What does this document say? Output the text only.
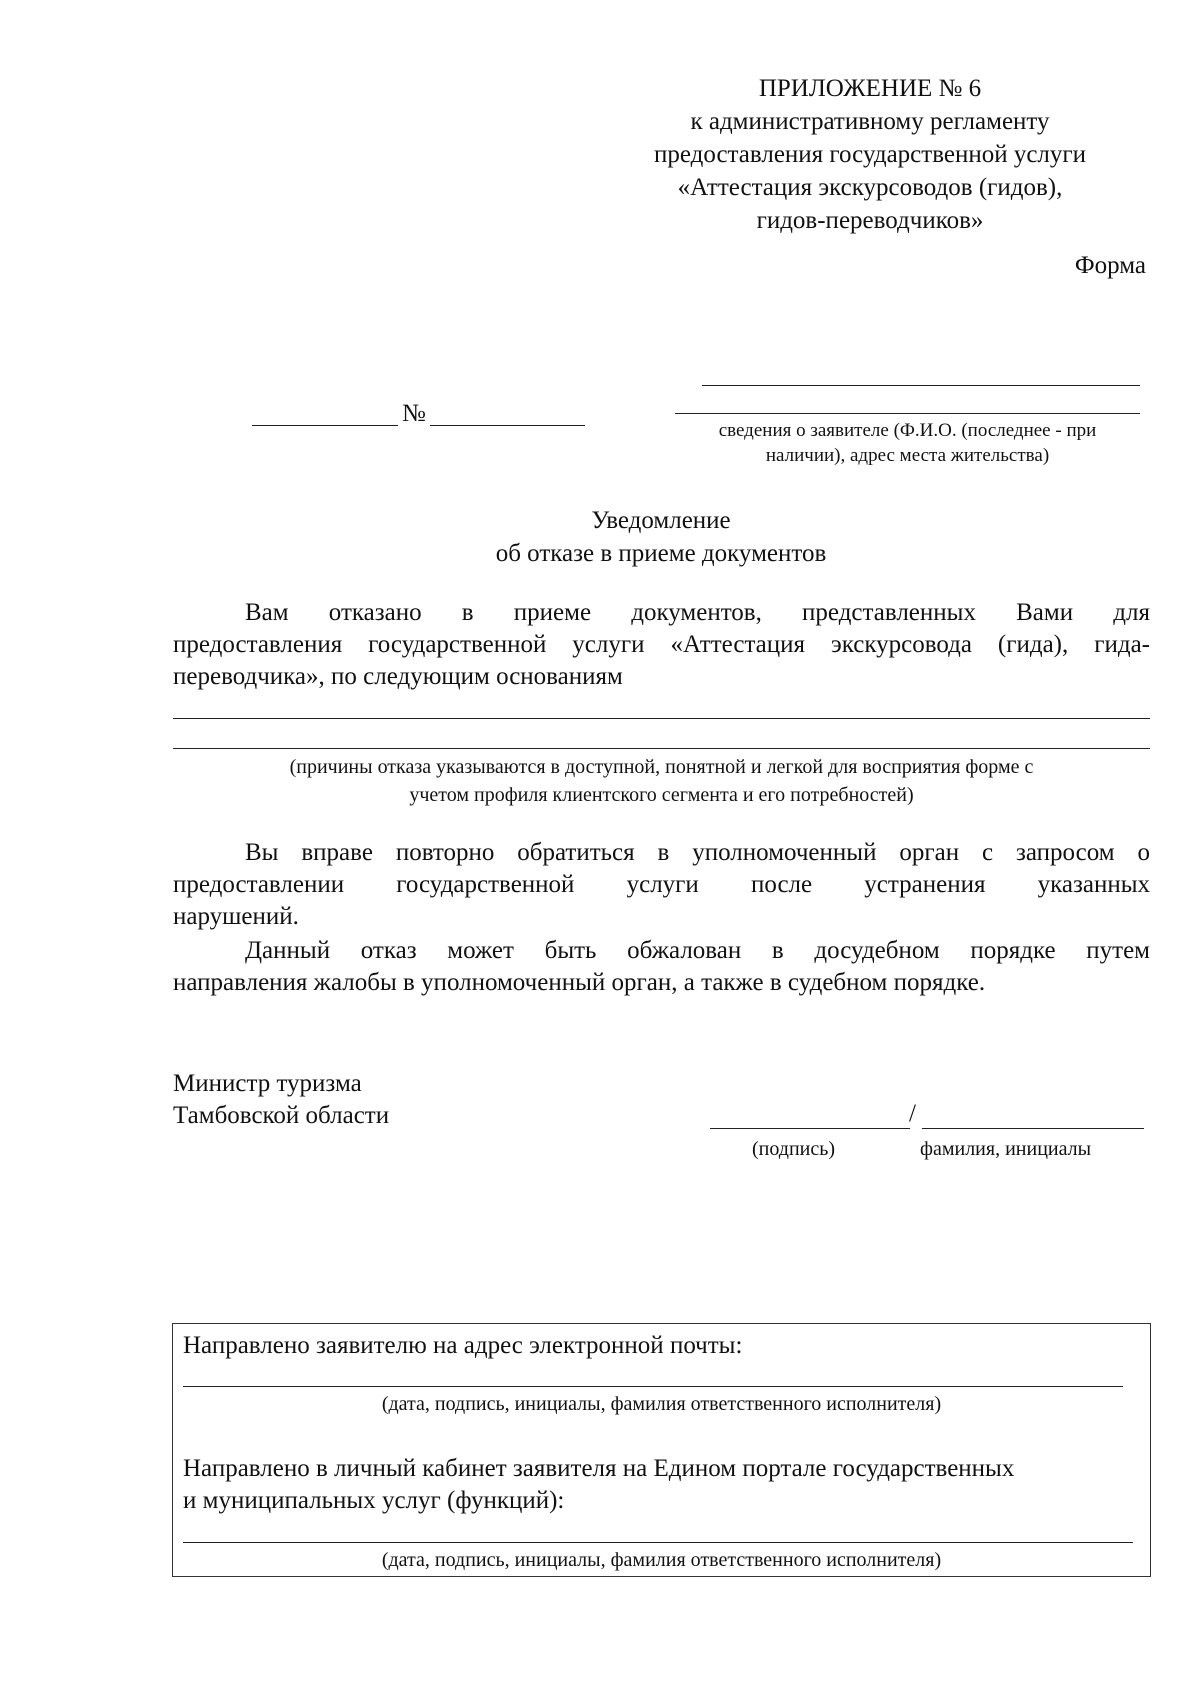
ПРИЛОЖЕНИЕ № 6
к административному регламенту
предоставления государственной услуги
«Аттестация экскурсоводов (гидов),
гидов-переводчиков»
Форма
№
сведения о заявителе (Ф.И.О. (последнее - при
наличии), адрес места жительства)
Уведомление
об отказе в приеме документов
Вам отказано в приеме документов, представленных Вами для
предоставления государственной услуги «Аттестация экскурсовода (гида), гида-
переводчика», по следующим основаниям
(причины отказа указываются в доступной, понятной и легкой для восприятия форме с
учетом профиля клиентского сегмента и его потребностей)
Вы вправе повторно обратиться в уполномоченный орган с запросом о
предоставлении государственной услуги после устранения указанных
нарушений.
Данный отказ может быть обжалован в досудебном порядке путем
направления жалобы в уполномоченный орган, а также в судебном порядке.
Министр туризма
Тамбовской области	/
(подпись)	фамилия, инициалы
Направлено заявителю на адрес электронной почты:
(дата, подпись, инициалы, фамилия ответственного исполнителя)
Направлено в личный кабинет заявителя на Едином портале государственных
и муниципальных услуг (функций):
(дата, подпись, инициалы, фамилия ответственного исполнителя)
